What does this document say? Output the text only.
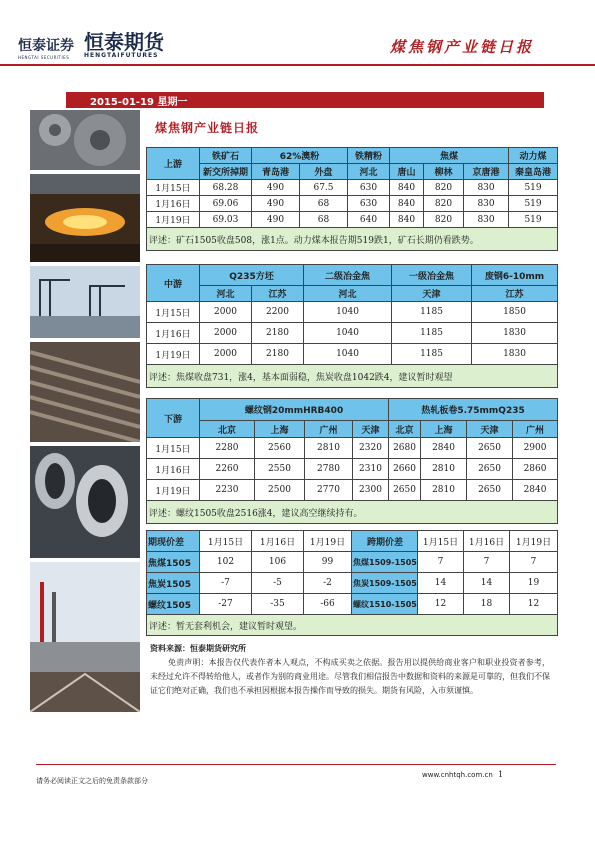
恒泰证券
HENGTAI SECURITIES
恒泰期货
HENGTAIFUTURES	煤焦钢产业链日报
2015-01-19 星期一

煤焦钢产业链日报
上游	铁矿石	62%澳粉		铁精粉	焦煤			动力煤
	新交所掉期	青岛港	外盘	河北	唐山	柳林	京唐港	秦皇岛港
1月15日	68.28	490	67.5	630	840	820	830	519
1月16日	69.06	490	68	630	840	820	830	519
1月19日	69.03	490	68	640	840	820	830	519
评述：矿石1505收盘508，涨1点。动力煤本报告期519跌1，矿石长期仍看跌势。								
中游	Q235方坯		二级冶金焦	一级冶金焦	废钢6-10mm
	河北	江苏	河北	天津	江苏
1月15日	2000	2200	1040	1185	1850
1月16日	2000	2180	1040	1185	1830
1月19日	2000	2180	1040	1185	1830
评述：焦煤收盘731，涨4，基本面弱稳，焦炭收盘1042跌4，建议暂时观望					
下游	螺纹钢20mmHRB400				热轧板卷5.75mmQ235			
	北京	上海	广州	天津	北京	上海	天津	广州
1月15日	2280	2560	2810	2320	2680	2840	2650	2900
1月16日	2260	2550	2780	2310	2660	2810	2650	2860
1月19日	2230	2500	2770	2300	2650	2810	2650	2840
评述：螺纹1505收盘2516涨4，建议高空继续持有。								
期现价差	1月15日	1月16日	1月19日	跨期价差	1月15日	1月16日	1月19日
焦煤1505	102	106	99	焦煤1509-1505	7	7	7
焦炭1505	-7	-5	-2	焦炭1509-1505	14	14	19
螺纹1505	-27	-35	-66	螺纹1510-1505	12	18	12
评述：暂无套利机会，建议暂时观望。							
资料来源：恒泰期货研究所
免责声明：本报告仅代表作者本人观点，不构成买卖之依据。报告用以提供给商业客户和职业投资者参考，未经过允许不得转给他人，或者作为别的商业用途。尽管我们相信报告中数据和资料的来源是可靠的，但我们不保证它们绝对正确，我们也不承担因根据本报告操作而导致的损失。期货有风险，入市须谨慎。
请务必阅读正文之后的免责条款部分
www.cnhtqh.com.cn 1
